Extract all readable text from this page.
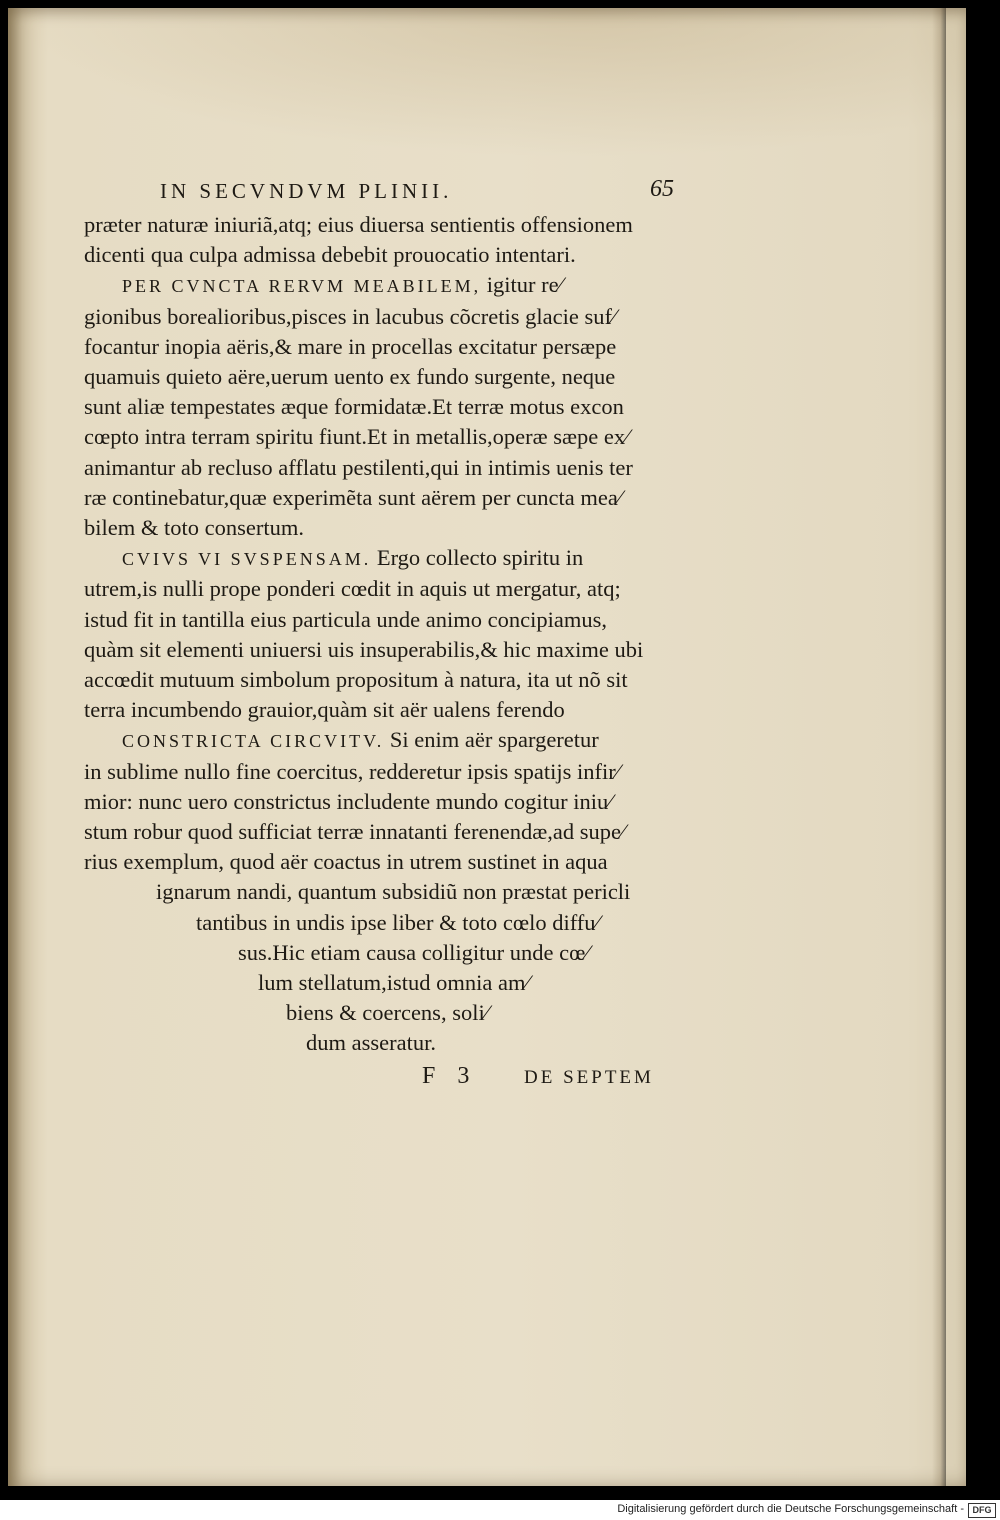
IN SECVNDVM PLINII.	65
præter naturæ iniuriã,atq; eius diuersa sentientis offensionem
dicenti qua culpa admissa debebit prouocatio intentari.
PER CVNCTA RERVM MEABILEM, igitur re⁄
gionibus borealioribus,pisces in lacubus cõcretis glacie suf⁄
focantur inopia aëris,& mare in procellas excitatur persæpe
quamuis quieto aëre,uerum uento ex fundo surgente, neque
sunt aliæ tempestates æque formidatæ.Et terræ motus excon
cœpto intra terram spiritu fiunt.Et in metallis,operæ sæpe ex⁄
animantur ab recluso afflatu pestilenti,qui in intimis uenis ter
ræ continebatur,quæ experimẽta sunt aërem per cuncta mea⁄
bilem & toto consertum.
CVIVS VI SVSPENSAM. Ergo collecto spiritu in
utrem,is nulli prope ponderi cœdit in aquis ut mergatur, atq;
istud fit in tantilla eius particula unde animo concipiamus,
quàm sit elementi uniuersi uis insuperabilis,& hic maxime ubi
accœdit mutuum simbolum propositum à natura, ita ut nõ sit
terra incumbendo grauior,quàm sit aër ualens ferendo
CONSTRICTA CIRCVITV. Si enim aër spargeretur
in sublime nullo fine coercitus, redderetur ipsis spatijs infir⁄
mior: nunc uero constrictus includente mundo cogitur iniu⁄
stum robur quod sufficiat terræ innatanti ferenendæ,ad supe⁄
rius exemplum, quod aër coactus in utrem sustinet in aqua
ignarum nandi, quantum subsidiũ non præstat pericli
tantibus in undis ipse liber & toto cœlo diffu⁄
sus.Hic etiam causa colligitur unde cœ⁄
lum stellatum,istud omnia am⁄
biens & coercens, soli⁄
dum asseratur.
F 3 DE SEPTEM
Digitalisierung gefördert durch die Deutsche Forschungsgemeinschaft - DFG
